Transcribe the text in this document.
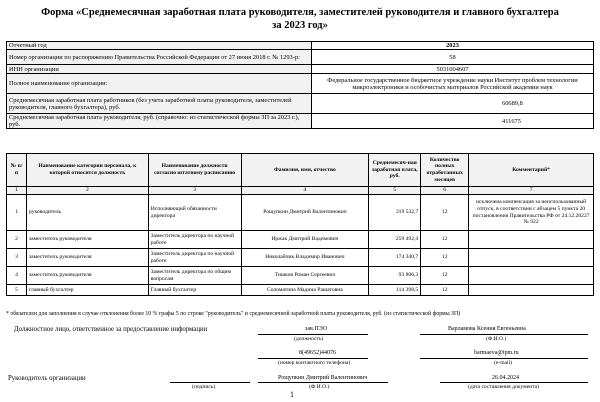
Форма «Среднемесячная заработная плата руководителя, заместителей руководителя и главного бухгалтера
за 2023 год»
Отчетный год	2023
Номер организации по распоряжению Правительства Российской Федерации от 27 июня 2018 г. № 1293-р:	58
ИНН организации	5031004607
Полное наименование организации:	Федеральное государственное бюджетное учреждение науки Институт проблем технологии микроэлектроники и особочистых материалов Российской академии наук
Среднемесячная заработная плата работников (без учета заработной платы руководителя, заместителей руководителя, главного бухгалтера), руб.	60689,8
Среднемесячная заработная плата руководителя, руб. (справочно: из статистической формы ЗП за 2023 г.), руб.	411675
№ п/п	Наименование категории персонала, к которой относится должность	Наименование должности согласно штатному расписанию	Фамилия, имя, отчество	Среднемесяч-ная заработная плата, руб.	Количество полных отработанных месяцев	Комментарий*
1	2	3	4	5	6	7
1	руководитель	Исполняющий обязанности директора	Рощупкин Дмитрий Валентинович	319 532,7	12	исключена компенсация за неиспользованный отпуск, в соответствии с абзацем 5 пункта 20 постановления Правительства РФ от 24.12.20227 № 922
2	заместитель руководителя	Заместитель директора по научной работе	Иржак Дмитрий Вадимович	259 492,4	12	
3	заместитель руководителя	Заместитель директора по научной работе	Николайчик Владимир Иванович	174 340,7	12	
4	заместитель руководителя	Заместитель директора по общим вопросам	Тишков Роман Сергеевич	93 806,3	12	
5	главный бухгалтер	Главный бухгалтер	Соломатина Мадина Рашатовна	114 398,5	12	
* обязателен для заполнения в случае отклонения более 10 % графы 5 по строке "руководитель" и среднемесячной заработной платы руководителя, руб. (из статистической формы ЗП)
Должностное лицо, ответственное за предоставление информации	зав.ПЭО
(должность)
Варламова Ксения Евгеньевна
(Ф.И.О.)
8(49652)44076
(номер контактного телефона)
barmaeva@ipm.ru
(e-mail)
Руководитель организации
(подпись)
Рощупкин Дмитрий Валентинович
(Ф.И.О.)
26.04.2024
(дата составления документа)
1
